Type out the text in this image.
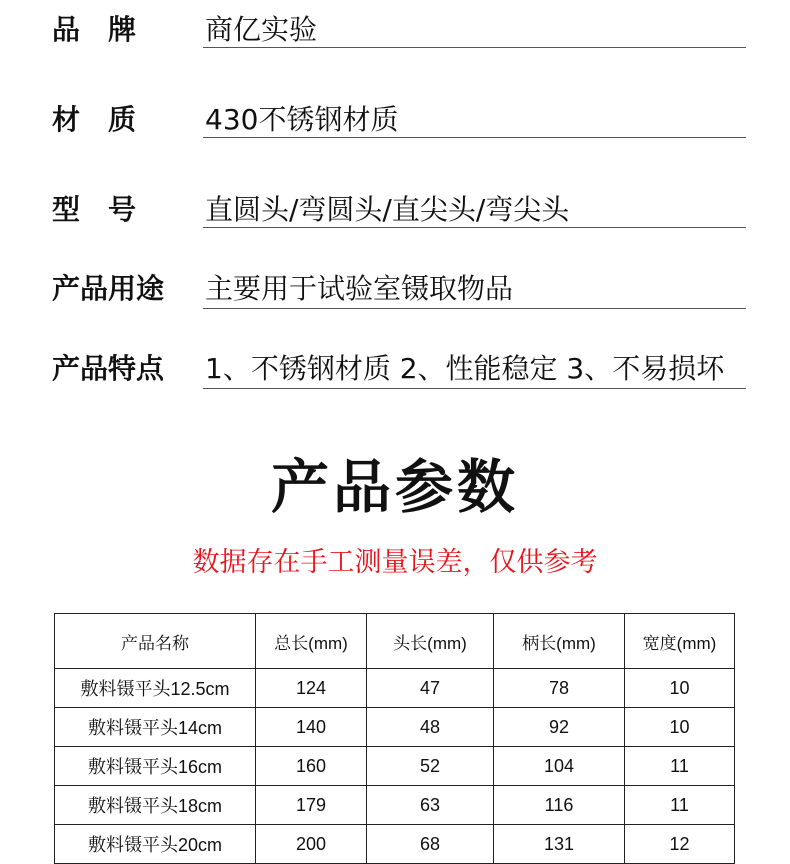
品　牌 商亿实验
材　质 430不锈钢材质
型　号 直圆头/弯圆头/直尖头/弯尖头
产品用途 主要用于试验室镊取物品
产品特点 1、不锈钢材质 2、性能稳定 3、不易损坏
产品参数
数据存在手工测量误差，仅供参考
产品名称	总长(mm)	头长(mm)	柄长(mm)	宽度(mm)
敷料镊平头12.5cm	124	47	78	10
敷料镊平头14cm	140	48	92	10
敷料镊平头16cm	160	52	104	11
敷料镊平头18cm	179	63	116	11
敷料镊平头20cm	200	68	131	12
